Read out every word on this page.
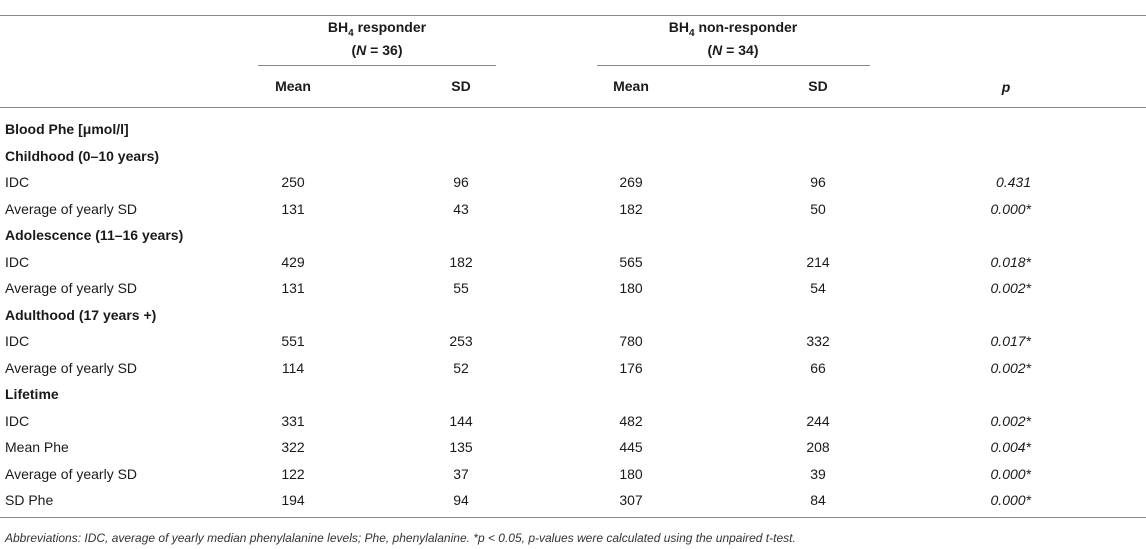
$BH_4$ responder
(N = 36)
$BH_4$ non-responder
(N = 34)
Mean	SD	Mean	SD	p
Blood Phe [μmol/l]
Childhood (0–10 years)
IDC	250	96	269	96	0.431
Average of yearly SD	131	43	182	50	0.000*
Adolescence (11–16 years)
IDC	429	182	565	214	0.018*
Average of yearly SD	131	55	180	54	0.002*
Adulthood (17 years +)
IDC	551	253	780	332	0.017*
Average of yearly SD	114	52	176	66	0.002*
Lifetime
IDC	331	144	482	244	0.002*
Mean Phe	322	135	445	208	0.004*
Average of yearly SD	122	37	180	39	0.000*
SD Phe	194	94	307	84	0.000*
Abbreviations: IDC, average of yearly median phenylalanine levels; Phe, phenylalanine. *p < 0.05, p-values were calculated using the unpaired t-test.
